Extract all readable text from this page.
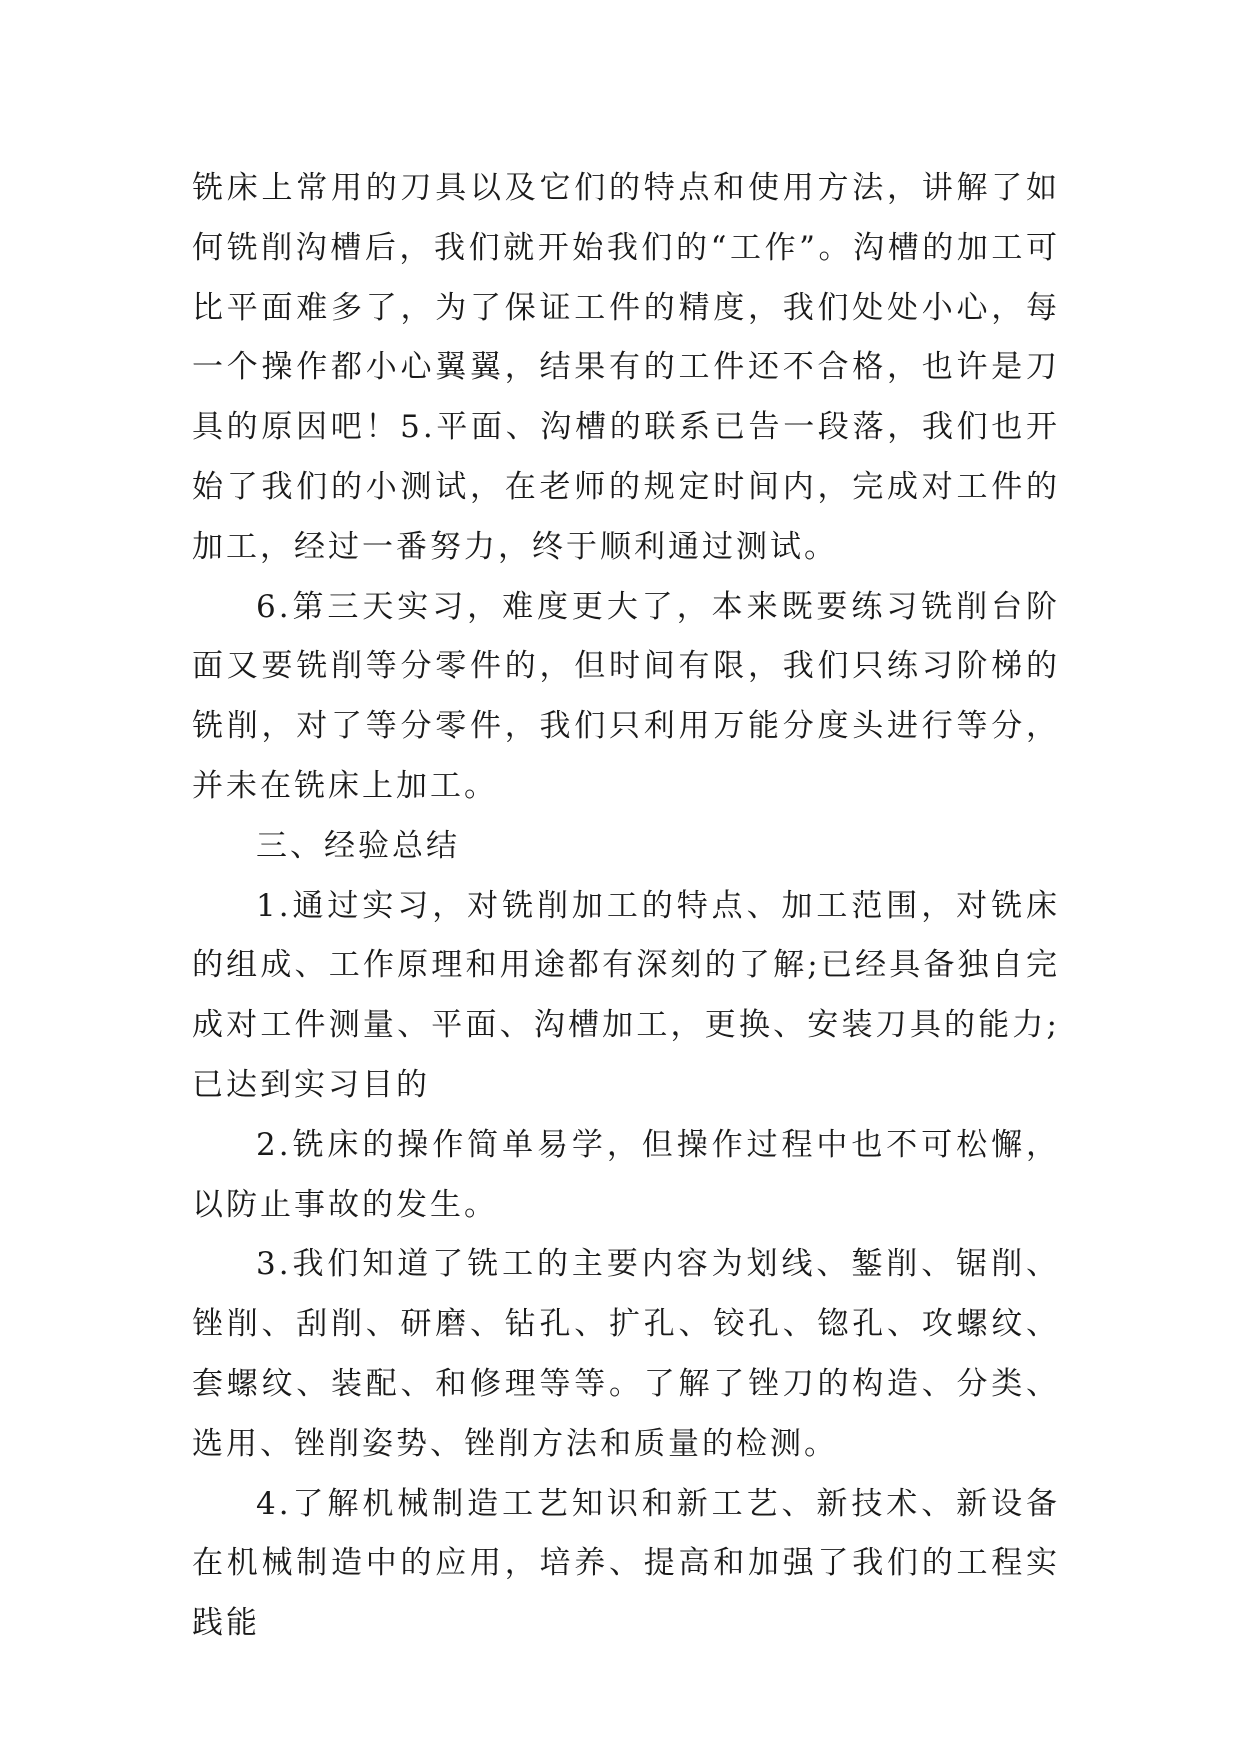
铣床上常用的刀具以及它们的特点和使用方法，讲解了如何铣削沟槽后，我们就开始我们的“工作”。沟槽的加工可比平面难多了，为了保证工件的精度，我们处处小心，每一个操作都小心翼翼，结果有的工件还不合格，也许是刀具的原因吧！5.平面、沟槽的联系已告一段落，我们也开始了我们的小测试，在老师的规定时间内，完成对工件的加工，经过一番努力，终于顺利通过测试。

6.第三天实习，难度更大了，本来既要练习铣削台阶面又要铣削等分零件的，但时间有限，我们只练习阶梯的铣削，对了等分零件，我们只利用万能分度头进行等分，并未在铣床上加工。

三、经验总结

1.通过实习，对铣削加工的特点、加工范围，对铣床的组成、工作原理和用途都有深刻的了解;已经具备独自完成对工件测量、平面、沟槽加工，更换、安装刀具的能力;已达到实习目的

2.铣床的操作简单易学，但操作过程中也不可松懈，以防止事故的发生。

3.我们知道了铣工的主要内容为划线、錾削、锯削、锉削、刮削、研磨、钻孔、扩孔、铰孔、锪孔、攻螺纹、套螺纹、装配、和修理等等。了解了锉刀的构造、分类、选用、锉削姿势、锉削方法和质量的检测。

4.了解机械制造工艺知识和新工艺、新技术、新设备在机械制造中的应用，培养、提高和加强了我们的工程实践能
